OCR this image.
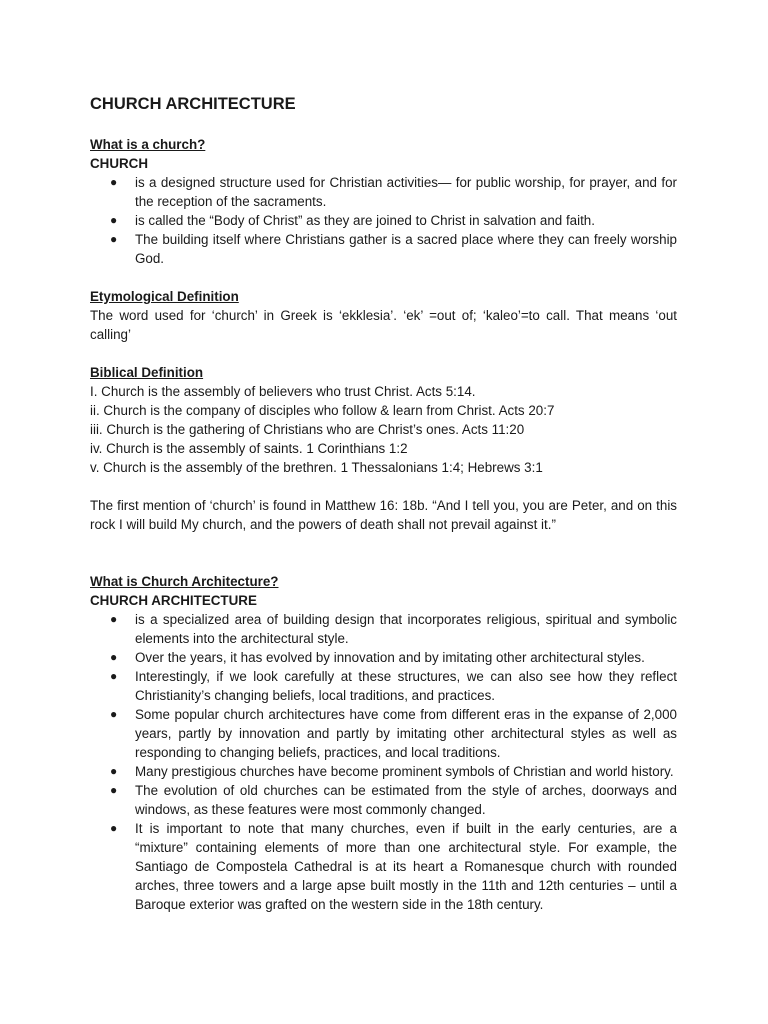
CHURCH ARCHITECTURE

What is a church?

CHURCH

● is a designed structure used for Christian activities— for public worship, for prayer, and for the reception of the sacraments.
● is called the “Body of Christ” as they are joined to Christ in salvation and faith.
● The building itself where Christians gather is a sacred place where they can freely worship God.

Etymological Definition

The word used for ‘church’ in Greek is ‘ekklesia’. ‘ek’ =out of; ‘kaleo’=to call. That means ‘out calling’

Biblical Definition

I. Church is the assembly of believers who trust Christ. Acts 5:14.

ii. Church is the company of disciples who follow & learn from Christ. Acts 20:7

iii. Church is the gathering of Christians who are Christ’s ones. Acts 11:20

iv. Church is the assembly of saints. 1 Corinthians 1:2

v. Church is the assembly of the brethren. 1 Thessalonians 1:4; Hebrews 3:1

The first mention of ‘church’ is found in Matthew 16: 18b. “And I tell you, you are Peter, and on this rock I will build My church, and the powers of death shall not prevail against it.”

What is Church Architecture?

CHURCH ARCHITECTURE

● is a specialized area of building design that incorporates religious, spiritual and symbolic elements into the architectural style.
● Over the years, it has evolved by innovation and by imitating other architectural styles.
● Interestingly, if we look carefully at these structures, we can also see how they reflect Christianity’s changing beliefs, local traditions, and practices.
● Some popular church architectures have come from different eras in the expanse of 2,000 years, partly by innovation and partly by imitating other architectural styles as well as responding to changing beliefs, practices, and local traditions.
● Many prestigious churches have become prominent symbols of Christian and world history.
● The evolution of old churches can be estimated from the style of arches, doorways and windows, as these features were most commonly changed.
● It is important to note that many churches, even if built in the early centuries, are a “mixture” containing elements of more than one architectural style. For example, the Santiago de Compostela Cathedral is at its heart a Romanesque church with rounded arches, three towers and a large apse built mostly in the 11th and 12th centuries – until a Baroque exterior was grafted on the western side in the 18th century.
